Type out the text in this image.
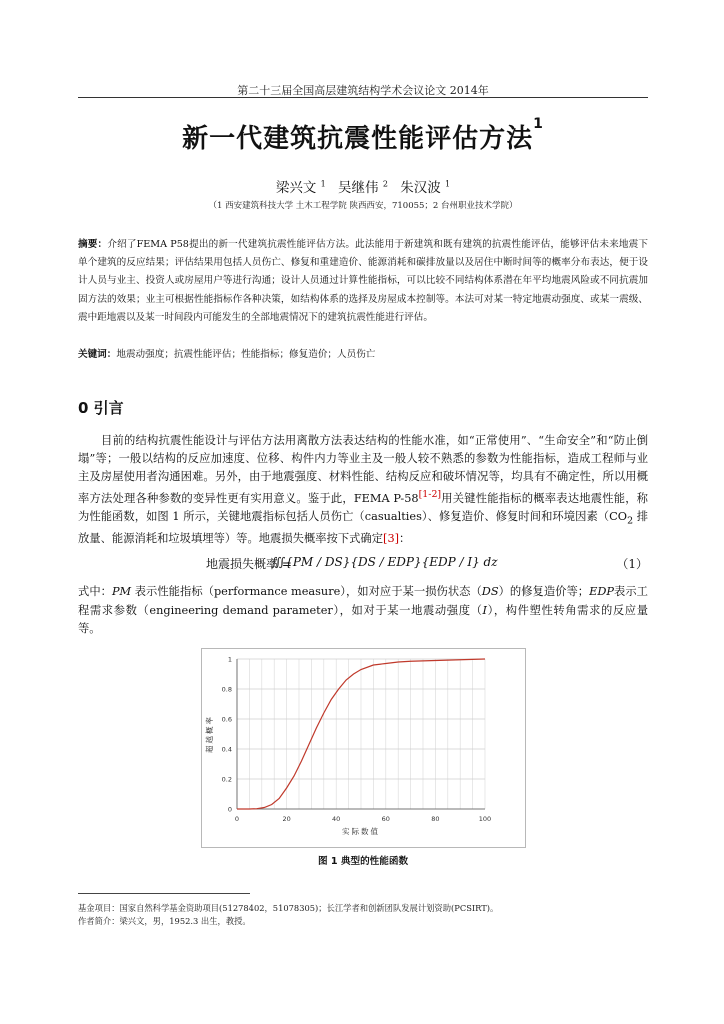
第二十三届全国高层建筑结构学术会议论文 2014年
新一代建筑抗震性能评估方法$^1$
梁兴文 $^1$ 吴继伟 $^2$ 朱汉波 $^1$
（1 西安建筑科技大学 土木工程学院 陕西西安，710055；2 台州职业技术学院）

摘要：介绍了FEMA P58提出的新一代建筑抗震性能评估方法。此法能用于新建筑和既有建筑的抗震性能评估，能够评估未来地震下单个建筑的反应结果；评估结果用包括人员伤亡、修复和重建造价、能源消耗和碳排放量以及居住中断时间等的概率分布表达，便于设计人员与业主、投资人或房屋用户等进行沟通；设计人员通过计算性能指标，可以比较不同结构体系潜在年平均地震风险或不同抗震加固方法的效果；业主可根据性能指标作各种决策，如结构体系的选择及房屋成本控制等。本法可对某一特定地震动强度、或某一震级、震中距地震以及某一时间段内可能发生的全部地震情况下的建筑抗震性能进行评估。

关键词：地震动强度；抗震性能评估；性能指标；修复造价；人员伤亡

0 引言

目前的结构抗震性能设计与评估方法用离散方法表达结构的性能水准，如“正常使用”、“生命安全”和“防止倒塌”等；一般以结构的反应加速度、位移、构件内力等业主及一般人较不熟悉的参数为性能指标，造成工程师与业主及房屋使用者沟通困难。另外，由于地震强度、材料性能、结构反应和破坏情况等，均具有不确定性，所以用概率方法处理各种参数的变异性更有实用意义。鉴于此，FEMA P-58[1-2]用关键性能指标的概率表达地震性能，称为性能函数，如图 1 所示，关键地震指标包括人员伤亡（casualties）、修复造价、修复时间和环境因素（$CO_2$ 排放量、能源消耗和垃圾填埋等）等。地震损失概率按下式确定[3]：

地震损失概率 =
∭{PM / DS}{DS / EDP}{EDP / I} dz	（1）

式中：PM 表示性能指标（performance measure），如对应于某一损伤状态（DS）的修复造价等；EDP表示工程需求参数（engineering demand parameter），如对于某一地震动强度（I），构件塑性转角需求的反应量等。

0	20	40	60	80	100
0
0.2
0.4
0.6
0.8
1
实际数值
超越概率
图 1 典型的性能函数
基金项目：国家自然科学基金资助项目(51278402，51078305)；长江学者和创新团队发展计划资助(PCSIRT)。
作者简介：梁兴文，男，1952.3 出生，教授。
